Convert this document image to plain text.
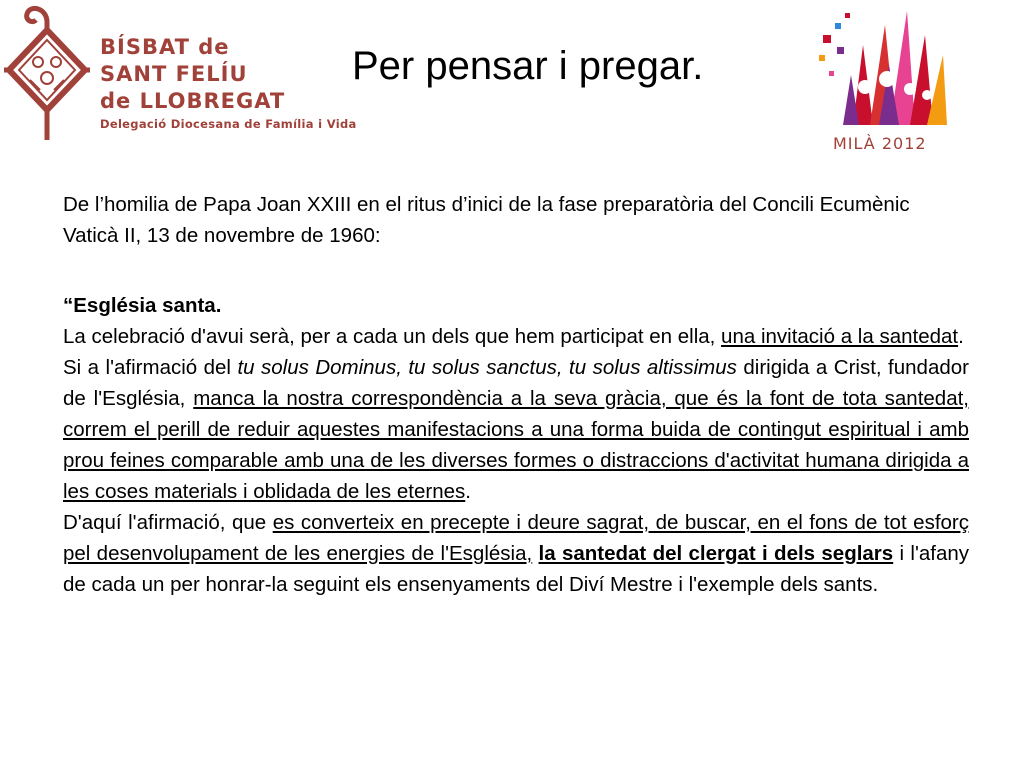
BÍSBAT de
SANT FELÍU
de LLOBREGAT
Delegació Diocesana de Família i Vida
Per pensar i pregar.
MILÀ 2012
De l’homilia de Papa Joan XXIII en el ritus d’inici de la fase preparatòria del Concili Ecumènic Vaticà II, 13 de novembre de 1960:

“Església santa.

La celebració d'avui serà, per a cada un dels que hem participat en ella, una invitació a la santedat.

Si a l'afirmació del tu solus Dominus, tu solus sanctus, tu solus altissimus dirigida a Crist, fundador de l'Església, manca la nostra correspondència a la seva gràcia, que és la font de tota santedat, correm el perill de reduir aquestes manifestacions a una forma buida de contingut espiritual i amb prou feines comparable amb una de les diverses formes o distraccions d'activitat humana dirigida a les coses materials i oblidada de les eternes.

D'aquí l'afirmació, que es converteix en precepte i deure sagrat, de buscar, en el fons de tot esforç pel desenvolupament de les energies de l'Església, la santedat del clergat i dels seglars i l'afany de cada un per honrar-la seguint els ensenyaments del Diví Mestre i l'exemple dels sants.
